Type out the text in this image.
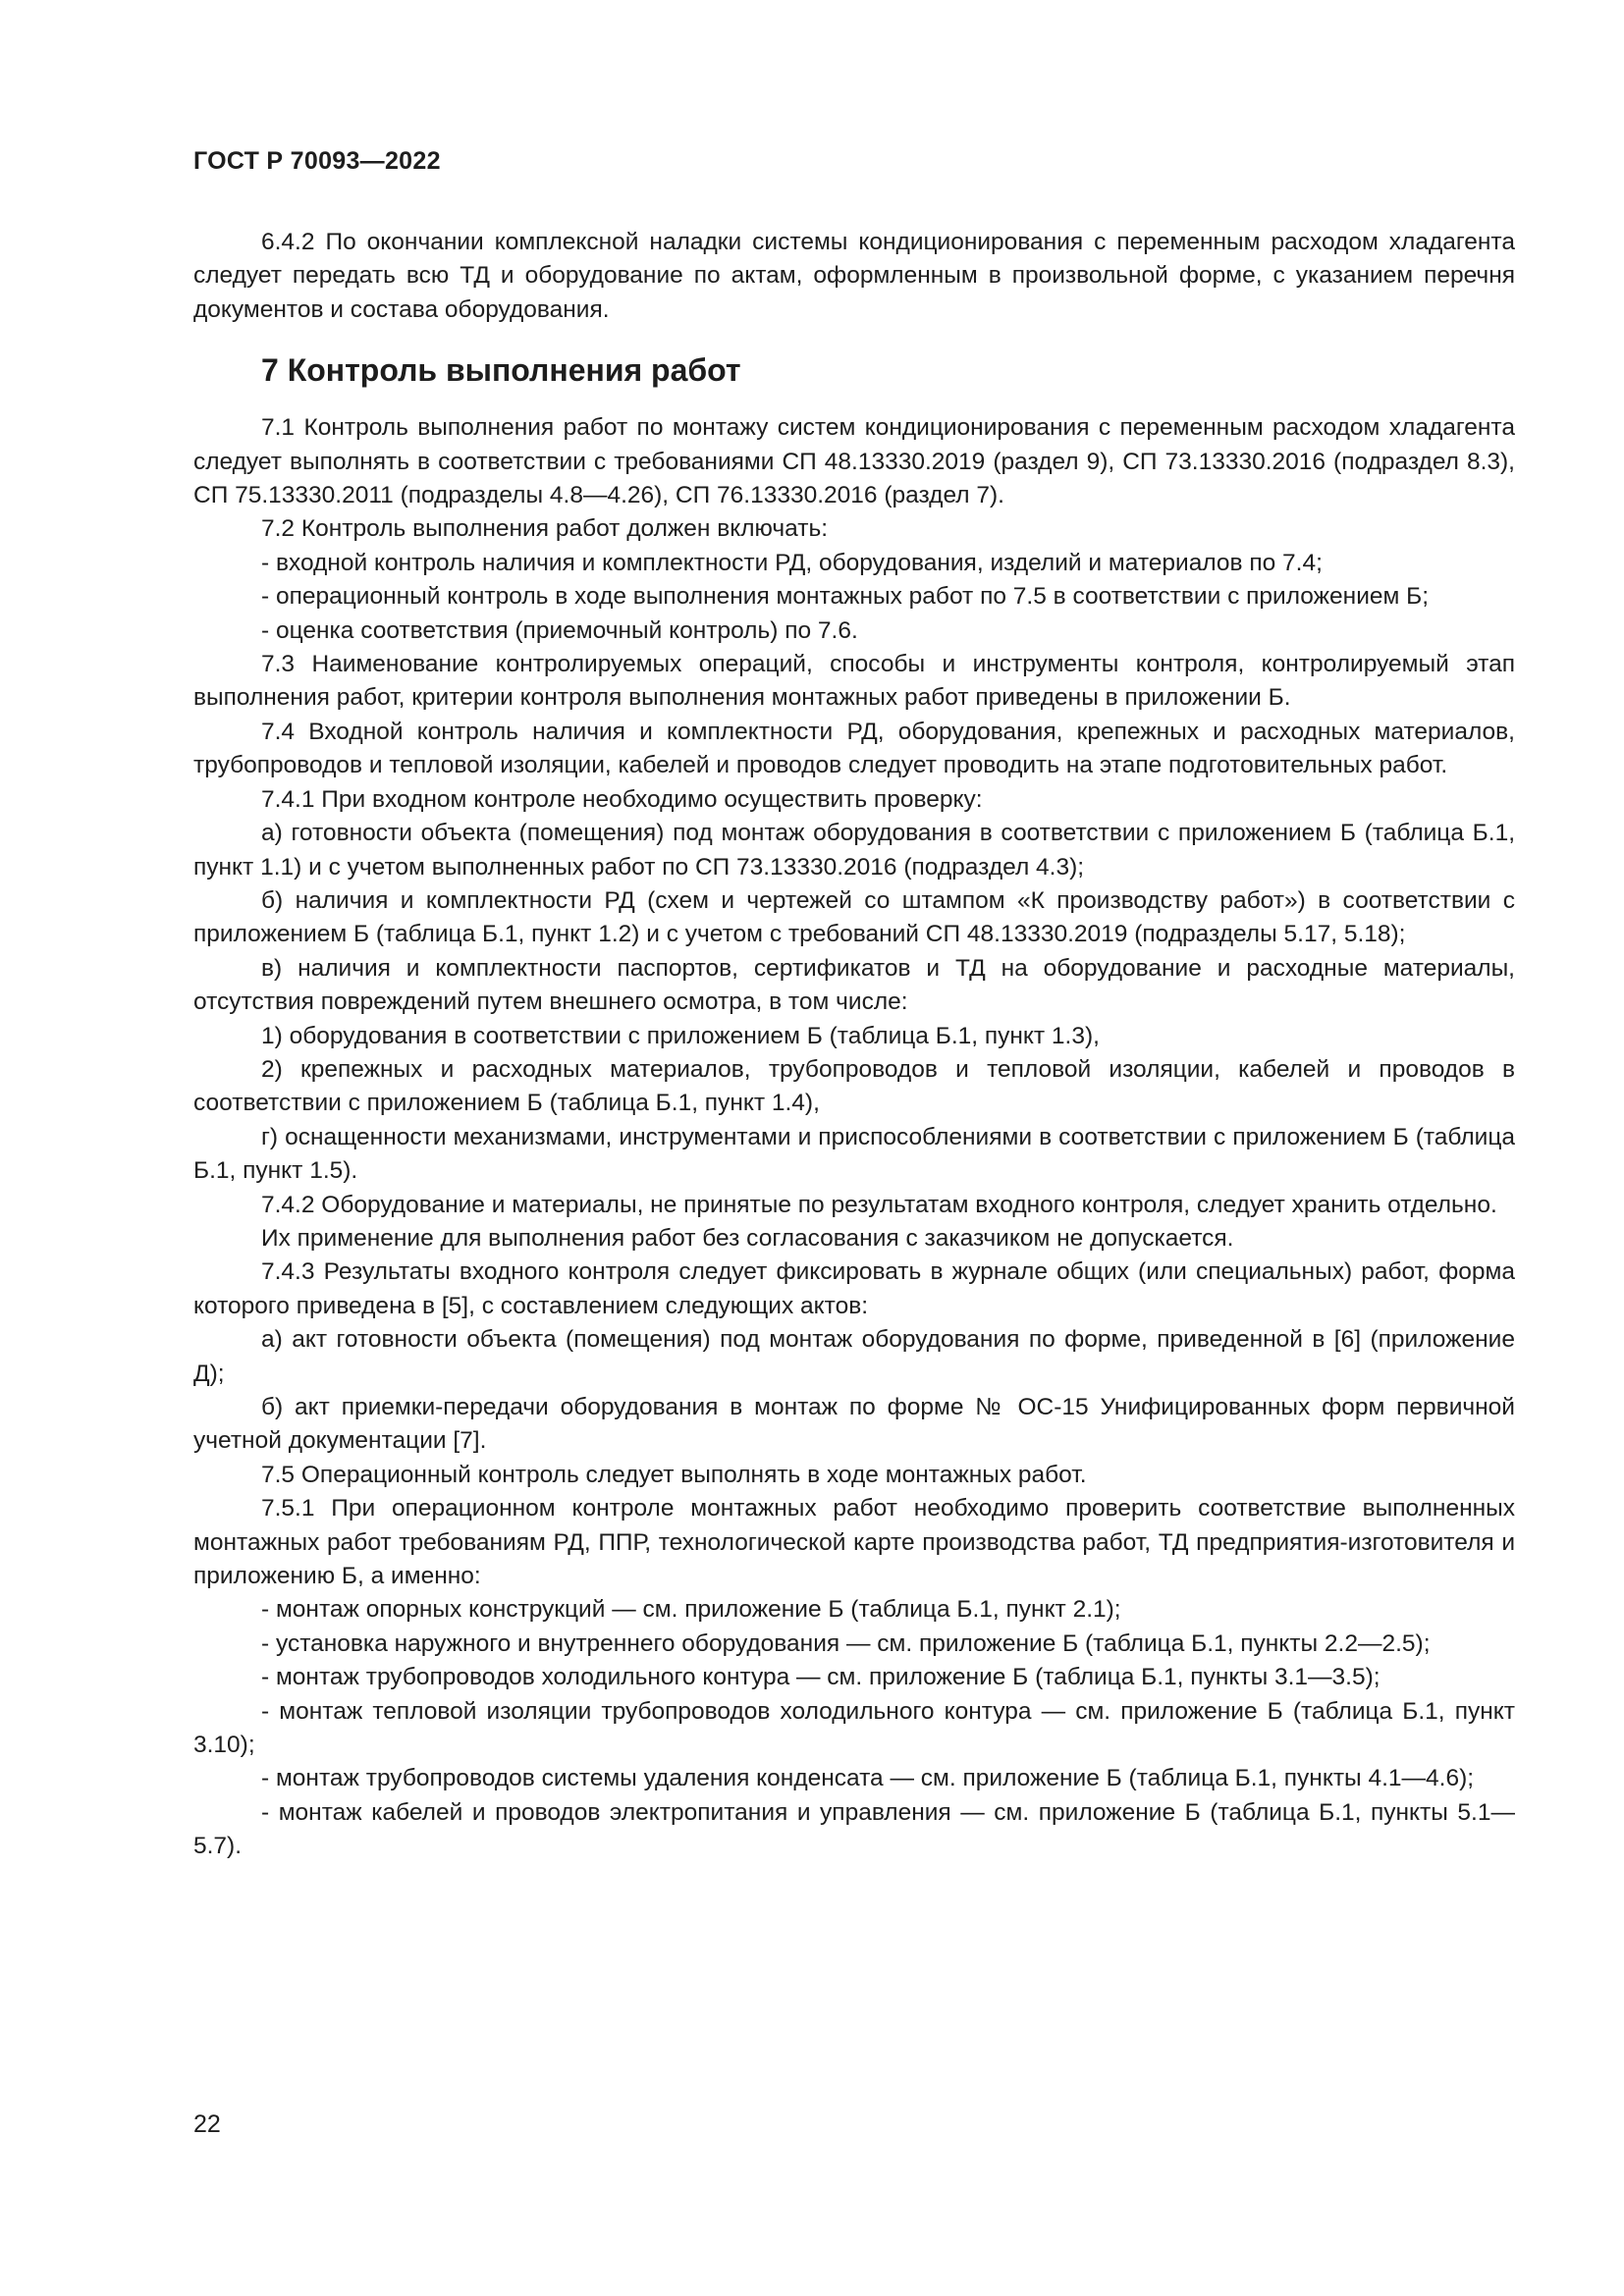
ГОСТ Р 70093—2022

6.4.2 По окончании комплексной наладки системы кондиционирования с переменным расходом хладагента следует передать всю ТД и оборудование по актам, оформленным в произвольной форме, с указанием перечня документов и состава оборудования.

7 Контроль выполнения работ

7.1 Контроль выполнения работ по монтажу систем кондиционирования с переменным расходом хладагента следует выполнять в соответствии с требованиями СП 48.13330.2019 (раздел 9), СП 73.13330.2016 (подраздел 8.3), СП 75.13330.2011 (подразделы 4.8—4.26), СП 76.13330.2016 (раздел 7).

7.2 Контроль выполнения работ должен включать:

- входной контроль наличия и комплектности РД, оборудования, изделий и материалов по 7.4;

- операционный контроль в ходе выполнения монтажных работ по 7.5 в соответствии с приложением Б;

- оценка соответствия (приемочный контроль) по 7.6.

7.3 Наименование контролируемых операций, способы и инструменты контроля, контролируемый этап выполнения работ, критерии контроля выполнения монтажных работ приведены в приложении Б.

7.4 Входной контроль наличия и комплектности РД, оборудования, крепежных и расходных материалов, трубопроводов и тепловой изоляции, кабелей и проводов следует проводить на этапе подготовительных работ.

7.4.1 При входном контроле необходимо осуществить проверку:

а) готовности объекта (помещения) под монтаж оборудования в соответствии с приложением Б (таблица Б.1, пункт 1.1) и с учетом выполненных работ по СП 73.13330.2016 (подраздел 4.3);

б) наличия и комплектности РД (схем и чертежей со штампом «К производству работ») в соответствии с приложением Б (таблица Б.1, пункт 1.2) и с учетом с требований СП 48.13330.2019 (подразделы 5.17, 5.18);

в) наличия и комплектности паспортов, сертификатов и ТД на оборудование и расходные материалы, отсутствия повреждений путем внешнего осмотра, в том числе:

1) оборудования в соответствии с приложением Б (таблица Б.1, пункт 1.3),

2) крепежных и расходных материалов, трубопроводов и тепловой изоляции, кабелей и проводов в соответствии с приложением Б (таблица Б.1, пункт 1.4),

г) оснащенности механизмами, инструментами и приспособлениями в соответствии с приложением Б (таблица Б.1, пункт 1.5).

7.4.2 Оборудование и материалы, не принятые по результатам входного контроля, следует хранить отдельно.

Их применение для выполнения работ без согласования с заказчиком не допускается.

7.4.3 Результаты входного контроля следует фиксировать в журнале общих (или специальных) работ, форма которого приведена в [5], с составлением следующих актов:

а) акт готовности объекта (помещения) под монтаж оборудования по форме, приведенной в [6] (приложение Д);

б) акт приемки-передачи оборудования в монтаж по форме № ОС-15 Унифицированных форм первичной учетной документации [7].

7.5 Операционный контроль следует выполнять в ходе монтажных работ.

7.5.1 При операционном контроле монтажных работ необходимо проверить соответствие выполненных монтажных работ требованиям РД, ППР, технологической карте производства работ, ТД предприятия-изготовителя и приложению Б, а именно:

- монтаж опорных конструкций — см. приложение Б (таблица Б.1, пункт 2.1);

- установка наружного и внутреннего оборудования — см. приложение Б (таблица Б.1, пункты 2.2—2.5);

- монтаж трубопроводов холодильного контура — см. приложение Б (таблица Б.1, пункты 3.1—3.5);

- монтаж тепловой изоляции трубопроводов холодильного контура — см. приложение Б (таблица Б.1, пункт 3.10);

- монтаж трубопроводов системы удаления конденсата — см. приложение Б (таблица Б.1, пункты 4.1—4.6);

- монтаж кабелей и проводов электропитания и управления — см. приложение Б (таблица Б.1, пункты 5.1—5.7).

22
